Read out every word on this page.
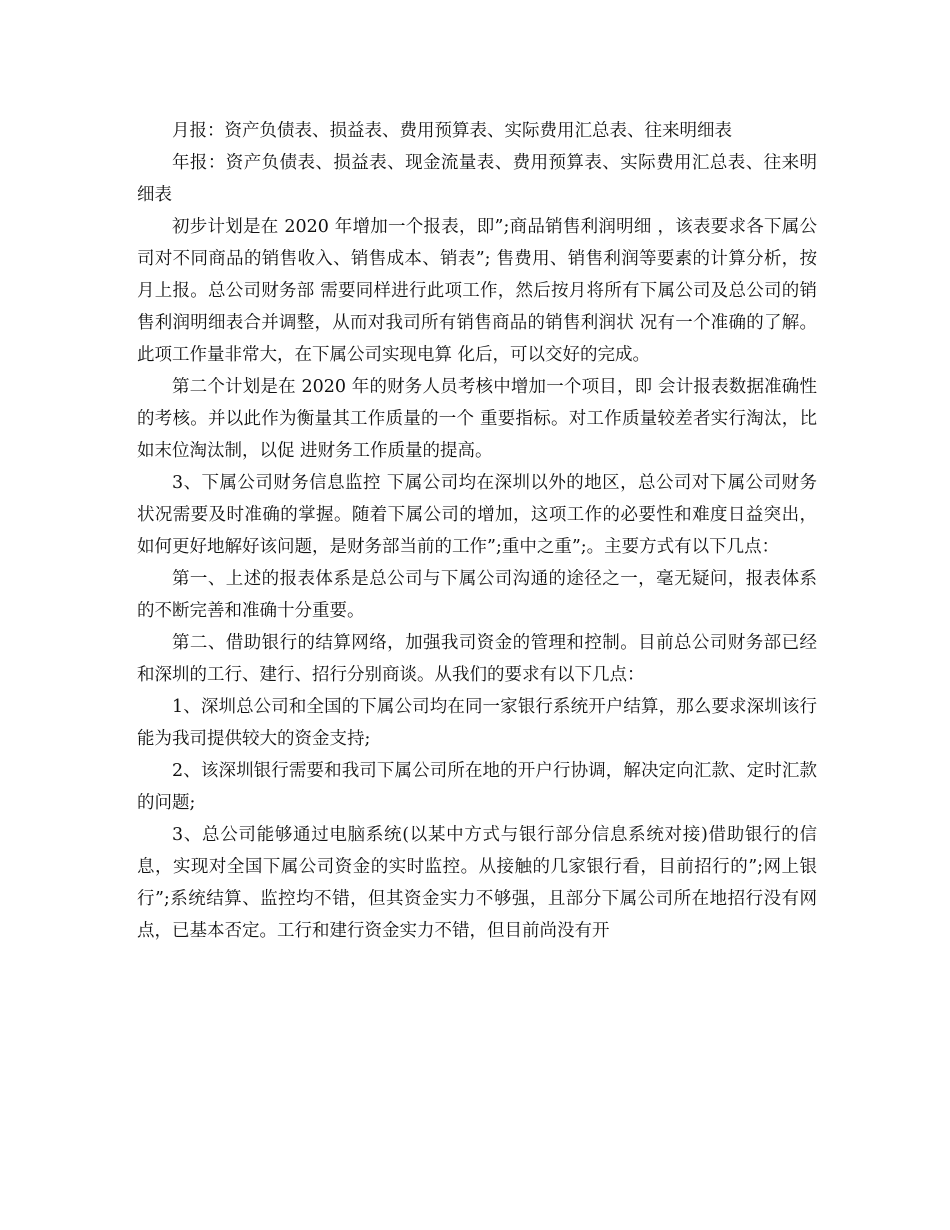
月报：资产负债表、损益表、费用预算表、实际费用汇总表、往来明细表

年报：资产负债表、损益表、现金流量表、费用预算表、实际费用汇总表、往来明细表

初步计划是在 2020 年增加一个报表，即”;商品销售利润明细 ，该表要求各下属公司对不同商品的销售收入、销售成本、销表”; 售费用、销售利润等要素的计算分析，按月上报。总公司财务部 需要同样进行此项工作，然后按月将所有下属公司及总公司的销 售利润明细表合并调整，从而对我司所有销售商品的销售利润状 况有一个准确的了解。此项工作量非常大，在下属公司实现电算 化后，可以交好的完成。

第二个计划是在 2020 年的财务人员考核中增加一个项目，即 会计报表数据准确性的考核。并以此作为衡量其工作质量的一个 重要指标。对工作质量较差者实行淘汰，比如末位淘汰制，以促 进财务工作质量的提高。

3、下属公司财务信息监控 下属公司均在深圳以外的地区，总公司对下属公司财务状况需要及时准确的掌握。随着下属公司的增加，这项工作的必要性和难度日益突出，如何更好地解好该问题，是财务部当前的工作”;重中之重”;。主要方式有以下几点：

第一、上述的报表体系是总公司与下属公司沟通的途径之一，毫无疑问，报表体系的不断完善和准确十分重要。

第二、借助银行的结算网络，加强我司资金的管理和控制。目前总公司财务部已经和深圳的工行、建行、招行分别商谈。从我们的要求有以下几点：

1、深圳总公司和全国的下属公司均在同一家银行系统开户结算，那么要求深圳该行能为我司提供较大的资金支持;

2、该深圳银行需要和我司下属公司所在地的开户行协调，解决定向汇款、定时汇款的问题;

3、总公司能够通过电脑系统(以某中方式与银行部分信息系统对接)借助银行的信息，实现对全国下属公司资金的实时监控。从接触的几家银行看，目前招行的”;网上银行”;系统结算、监控均不错，但其资金实力不够强，且部分下属公司所在地招行没有网点，已基本否定。工行和建行资金实力不错，但目前尚没有开
